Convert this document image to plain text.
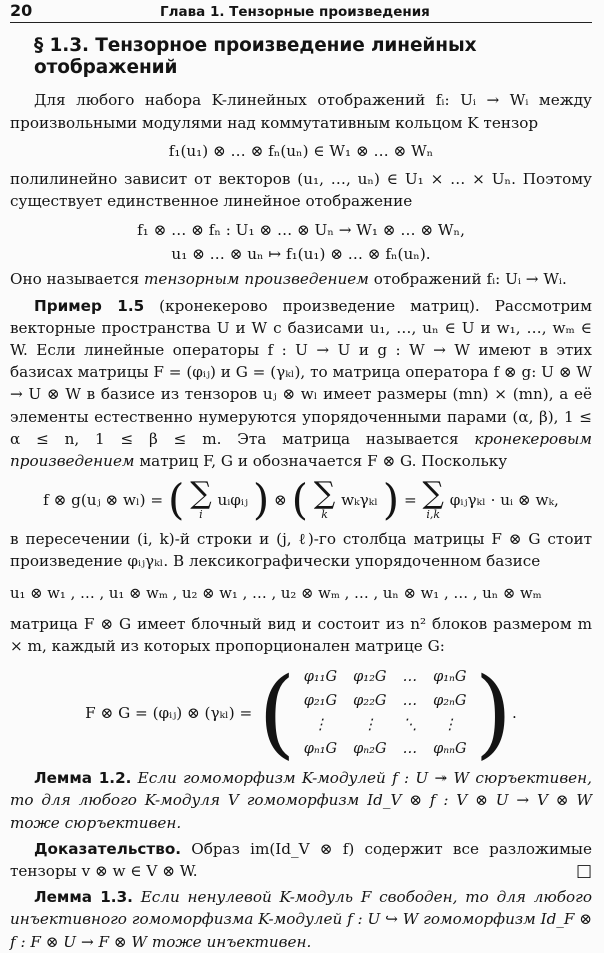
20	Глава 1. Тензорные произведения
§ 1.3. Тензорное произведение линейных отображений

Для любого набора K-линейных отображений fᵢ: Uᵢ → Wᵢ между произвольными модулями над коммутативным кольцом K тензор

f₁(u₁) ⊗ … ⊗ fₙ(uₙ) ∈ W₁ ⊗ … ⊗ Wₙ

полилинейно зависит от векторов (u₁, …, uₙ) ∈ U₁ × … × Uₙ. Поэтому существует единственное линейное отображение

f₁ ⊗ … ⊗ fₙ : U₁ ⊗ … ⊗ Uₙ → W₁ ⊗ … ⊗ Wₙ,
u₁ ⊗ … ⊗ uₙ ↦ f₁(u₁) ⊗ … ⊗ fₙ(uₙ).

Оно называется тензорным произведением отображений fᵢ: Uᵢ → Wᵢ.

Пример 1.5 (кронекерово произведение матриц). Рассмотрим векторные пространства U и W с базисами u₁, …, uₙ ∈ U и w₁, …, wₘ ∈ W. Если линейные операторы f : U → U и g : W → W имеют в этих базисах матрицы F = (φᵢⱼ) и G = (γₖₗ), то матрица оператора f ⊗ g: U ⊗ W → U ⊗ W в базисе из тензоров uⱼ ⊗ wₗ имеет размеры (mn) × (mn), а её элементы естественно нумеруются упорядоченными парами (α, β), 1 ≤ α ≤ n, 1 ≤ β ≤ m. Эта матрица называется кронекеровым произведением матриц F, G и обозначается F ⊗ G. Поскольку

f ⊗ g(uⱼ ⊗ wₗ) = ( ∑
i
uᵢφᵢⱼ ) ⊗ ( ∑
k
wₖγₖₗ ) = ∑
i,k
φᵢⱼγₖₗ · uᵢ ⊗ wₖ,

в пересечении (i, k)-й строки и (j, ℓ)-го столбца матрицы F ⊗ G стоит произведение φᵢⱼγₖₗ. В лексикографически упорядоченном базисе

u₁ ⊗ w₁ , … , u₁ ⊗ wₘ , u₂ ⊗ w₁ , … , u₂ ⊗ wₘ , … , uₙ ⊗ w₁ , … , uₙ ⊗ wₘ

матрица F ⊗ G имеет блочный вид и состоит из n² блоков размером m × m, каждый из которых пропорционален матрице G:

F ⊗ G = (φᵢⱼ) ⊗ (γₖₗ) = ( φ₁₁G	φ₁₂G	…	φ₁ₙG
φ₂₁G	φ₂₂G	…	φ₂ₙG
⋮	⋮	⋱	⋮
φₙ₁G	φₙ₂G	…	φₙₙG ) .

Лемма 1.2. Если гомоморфизм K-модулей f : U ↠ W сюръективен, то для любого K-модуля V гомоморфизм Id_V ⊗ f : V ⊗ U → V ⊗ W тоже сюръективен.

Доказательство. Образ im(Id_V ⊗ f) содержит все разложимые тензоры v ⊗ w ∈ V ⊗ W.	□

Лемма 1.3. Если ненулевой K-модуль F свободен, то для любого инъективного гомоморфизма K-модулей f : U ↪ W гомоморфизм Id_F ⊗ f : F ⊗ U → F ⊗ W тоже инъективен.
